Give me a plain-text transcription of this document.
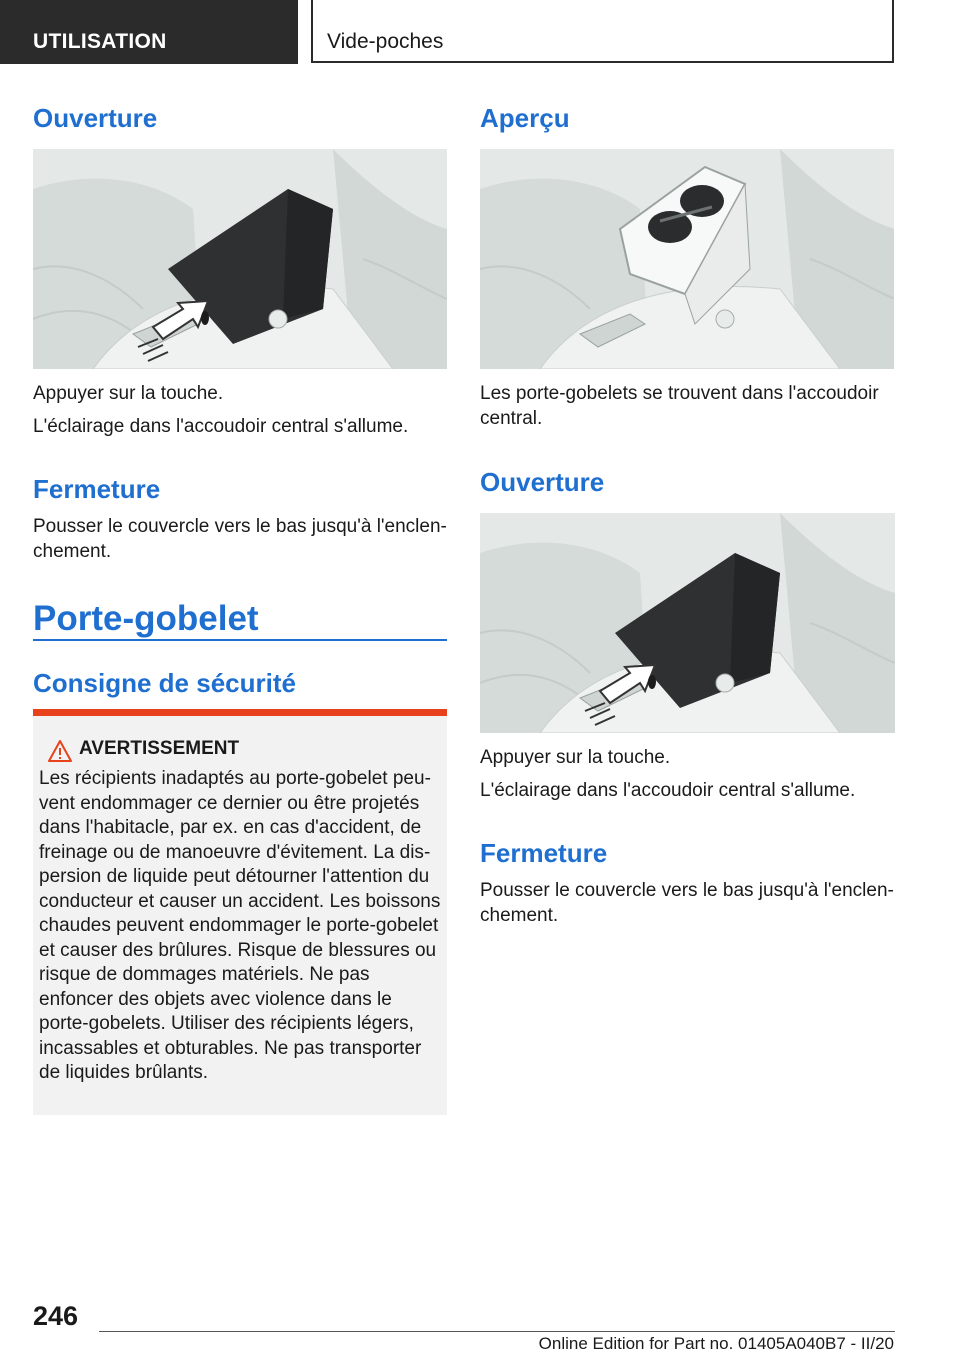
UTILISATION	Vide-poches
Ouverture

Appuyer sur la touche.

L'éclairage dans l'accoudoir central s'allume.

Fermeture

Pousser le couvercle vers le bas jusqu'à l'enclenchement.

Porte-gobelet
Consigne de sécurité
AVERTISSEMENT

Les récipients inadaptés au porte-gobelet peuvent endommager ce dernier ou être projetés dans l'habitacle, par ex. en cas d'accident, de freinage ou de manoeuvre d'évitement. La dispersion de liquide peut détourner l'attention du conducteur et causer un accident. Les boissons chaudes peuvent endommager le porte-gobelet et causer des brûlures. Risque de blessures ou risque de dommages matériels. Ne pas enfoncer des objets avec violence dans le porte-gobelets. Utiliser des récipients légers, incassables et obturables. Ne pas transporter de liquides brûlants.

Aperçu

Les porte-gobelets se trouvent dans l'accoudoir central.

Ouverture

Appuyer sur la touche.

L'éclairage dans l'accoudoir central s'allume.

Fermeture

Pousser le couvercle vers le bas jusqu'à l'enclenchement.

246
Online Edition for Part no. 01405A040B7 - II/20
